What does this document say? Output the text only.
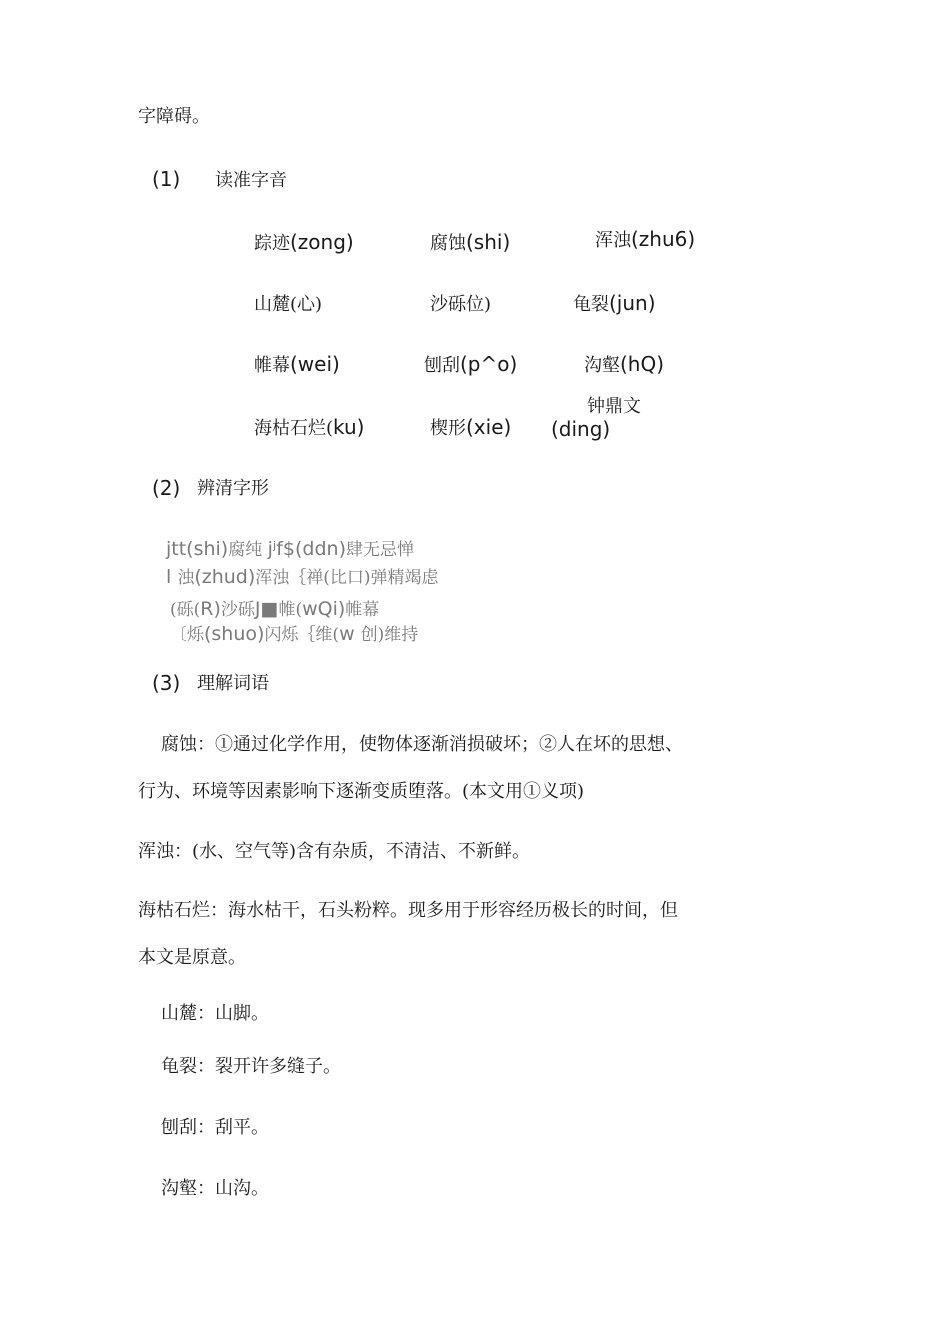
字障碍。
(1) 读准字音
踪迹(zong)	腐蚀(shi)	浑浊(zhu6)
山麓(心)	沙砾位)	龟裂(jun)
帷幕(wei)	刨刮(p^o)	沟壑(hQ)
海枯石烂(ku)	楔形(xie)
钟鼎文
(ding)
(2) 辨清字形
jtt(shi)腐纯 jʲf$(ddn)肆无忌惮
l 浊(zhud)浑浊｛禅(比口)弹精竭虑
(砾(R)沙砾J■帷(wQi)帷幕
〔烁(shuo)闪烁｛维(w 创)维持
(3) 理解词语
腐蚀：①通过化学作用，使物体逐渐消损破坏；②人在坏的思想、
行为、环境等因素影响下逐渐变质堕落。(本文用①义项)
浑浊：(水、空气等)含有杂质，不清洁、不新鲜。
海枯石烂：海水枯干，石头粉粹。现多用于形容经历极长的时间，但
本文是原意。
山麓：山脚。
龟裂：裂开许多缝子。
刨刮：刮平。
沟壑：山沟。
